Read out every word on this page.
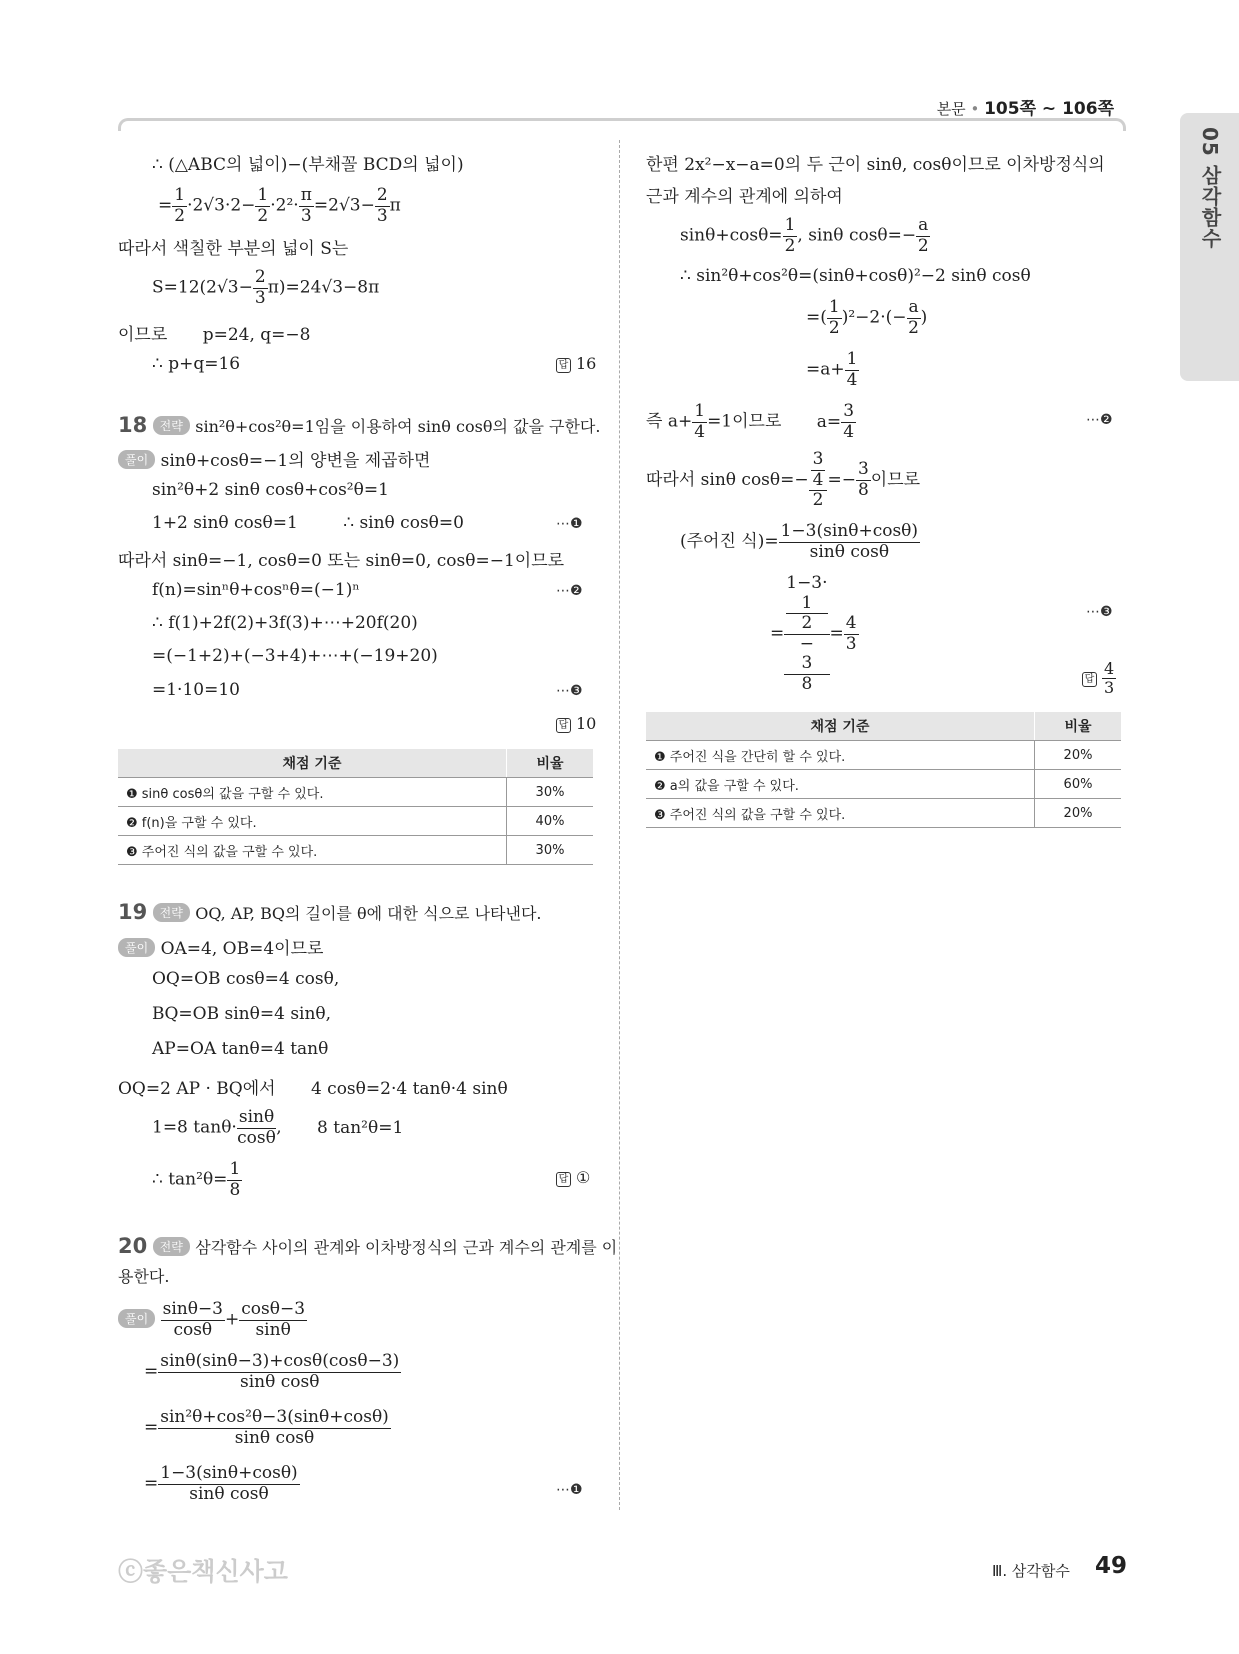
본문 • 105쪽 ~ 106쪽
05 삼각함수
∴ (△ABC의 넓이)−(부채꼴 BCD의 넓이)
= $\frac{1}{2} \cdot 2√3\cdot 2- \frac{1}{2} \cdot 2^2\cdot \frac{\pi}{3} =2√3- \frac{2}{3}$ π
따라서 색칠한 부분의 넓이 S는
$S=12(2√3- \frac{2}{3} \pi)=24√3-8\pi$
이므로 p=24, q=−8
∴ p+q=16	답 16
18 전략 sin²θ+cos²θ=1임을 이용하여 sinθ cosθ의 값을 구한다.
풀이 sinθ+cosθ=−1의 양변을 제곱하면
sin²θ+2 sinθ cosθ+cos²θ=1
1+2 sinθ cosθ=1	∴ sinθ cosθ=0	⋯❶
따라서 sinθ=−1, cosθ=0 또는 sinθ=0, cosθ=−1이므로
f(n)=sinⁿθ+cosⁿθ=(−1)ⁿ	⋯❷
∴ f(1)+2f(2)+3f(3)+⋯+20f(20)
=(−1+2)+(−3+4)+⋯+(−19+20)
=1·10=10	⋯❸
답 10
채점 기준	비율
❶ sinθ cosθ의 값을 구할 수 있다.	30%
❷ f(n)을 구할 수 있다.	40%
❸ 주어진 식의 값을 구할 수 있다.	30%
19 전략 OQ, AP, BQ의 길이를 θ에 대한 식으로 나타낸다.
풀이 OA=4, OB=4이므로
OQ=OB cosθ=4 cosθ,
BQ=OB sinθ=4 sinθ,
AP=OA tanθ=4 tanθ
OQ=2 AP · BQ에서 4 cosθ=2·4 tanθ·4 sinθ
1=8 $\tan\theta\cdot \frac{\sin\theta}{\cos\theta}$ , 8 tan²θ=1
∴ $\tan^2\theta= \frac{1}{8}$	답 ①
20 전략 삼각함수 사이의 관계와 이차방정식의 근과 계수의 관계를 이
용한다.
풀이 $\frac{\sin\theta-3}{\cos\theta} + \frac{\cos\theta-3}{\sin\theta}$
= $\frac{\sin\theta(\sin\theta-3)+\cos\theta(\cos\theta-3)}{\text{sinθ cosθ}}$
= $\frac{\text{sin²θ+cos²θ−3(sinθ+cosθ)}}{\text{sinθ cosθ}}$
= $\frac{1-3(\sin\theta+\cos\theta)}{\text{sinθ cosθ}}$	⋯❶
한편 2x²−x−a=0의 두 근이 sinθ, cosθ이므로 이차방정식의
근과 계수의 관계에 의하여
$\sin\theta+\cos\theta= \frac{1}{2}$ , sinθ $\cos\theta=- \frac{a}{2}$
∴ sin²θ+cos²θ=(sinθ+cosθ)²−2 sinθ cosθ
=( $\frac{1}{2} )^2-2\cdot(- \frac{a}{2}$ )
$=a+ \frac{1}{4}$
즉 $a+ \frac{1}{4} =1$이므로 $a= \frac{3}{4}$	⋯❷
따라서 sinθ cosθ=− 3
4
$2 =- \frac{3}{8}$ 이므로
(주어진 식)= $\frac{1-3(\sin\theta+\cos\theta)}{\text{sinθ cosθ}}$
= 1−3·
1
2
−
3
$8 = \frac{4}{3}$
⋯❸
답 $\frac{4}{3}$
채점 기준	비율
❶ 주어진 식을 간단히 할 수 있다.	20%
❷ a의 값을 구할 수 있다.	60%
❸ 주어진 식의 값을 구할 수 있다.	20%
ⓒ좋은책신사고	Ⅲ. 삼각함수 49
